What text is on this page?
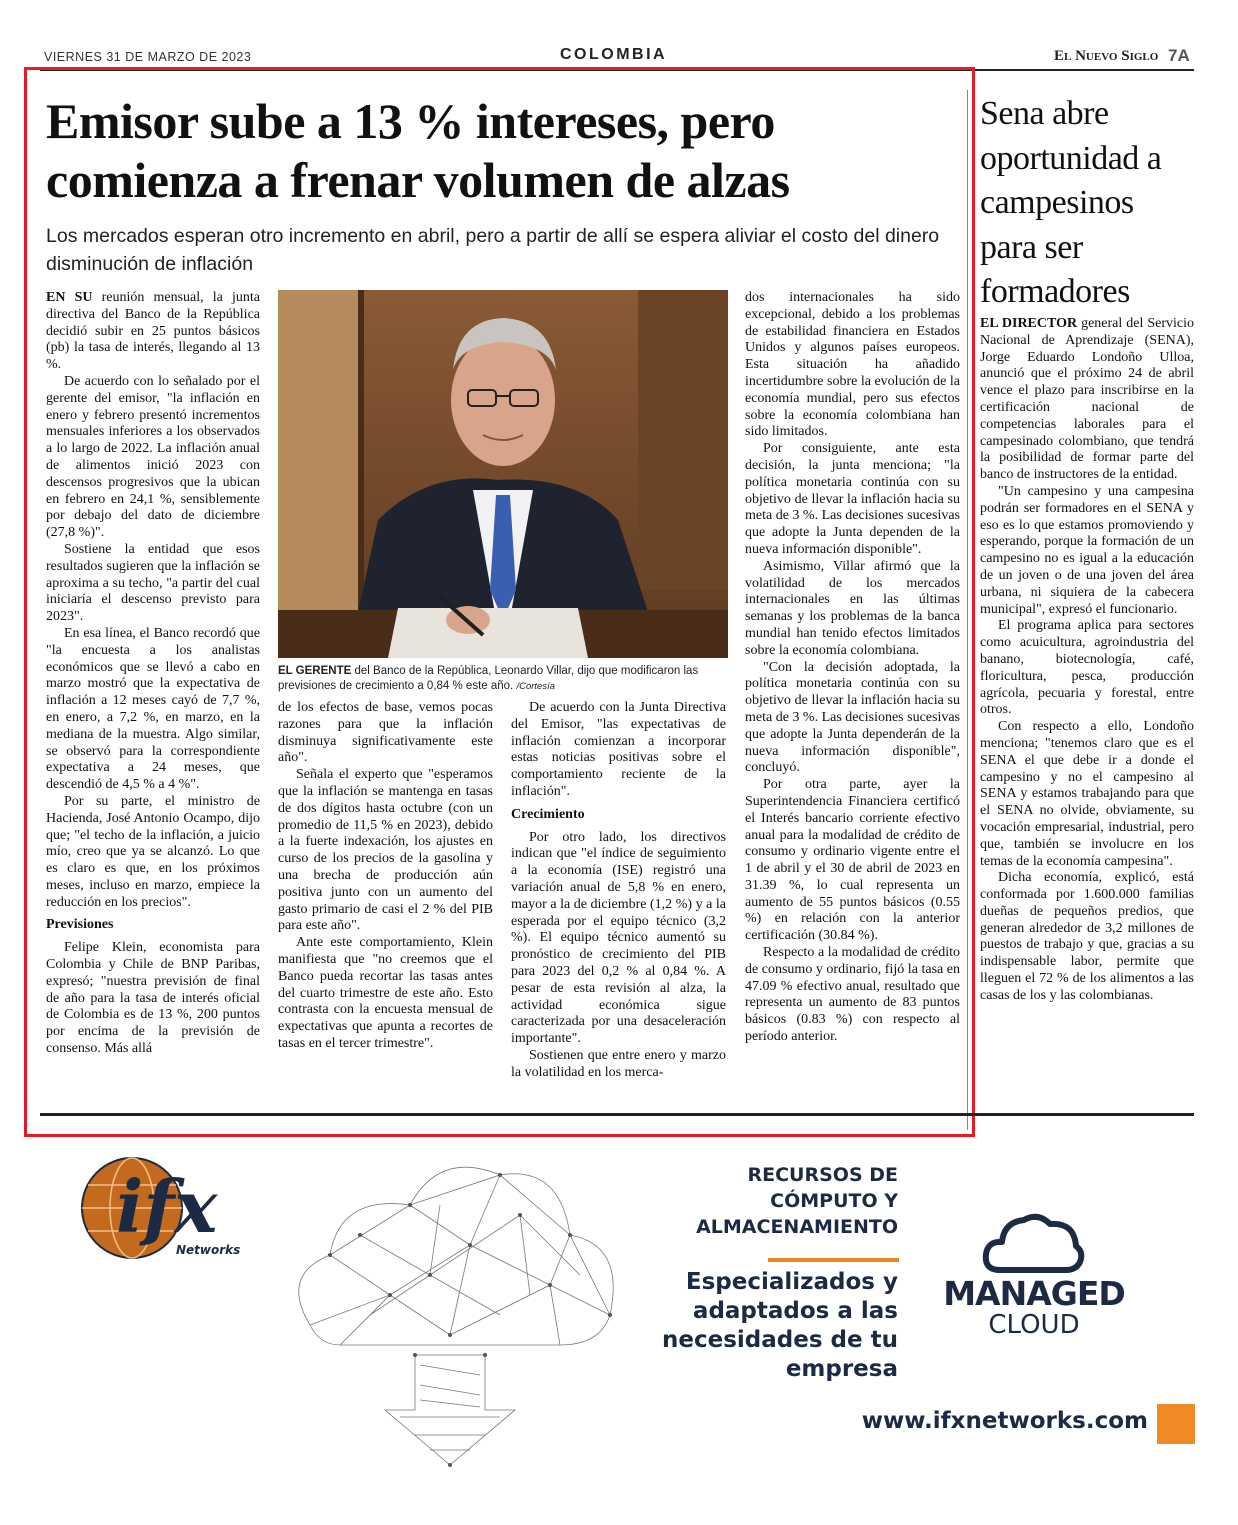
VIERNES 31 DE MARZO DE 2023	COLOMBIA	El Nuevo Siglo 7A
Emisor sube a 13 % intereses, pero comienza a frenar volumen de alzas
Los mercados esperan otro incremento en abril, pero a partir de allí se espera aliviar el costo del dinero disminución de inflación

EN SU reunión mensual, la junta directiva del Banco de la República decidió subir en 25 puntos básicos (pb) la tasa de interés, llegando al 13 %.

De acuerdo con lo señalado por el gerente del emisor, "la inflación en enero y febrero presentó incrementos mensuales inferiores a los observados a lo largo de 2022. La inflación anual de alimentos inició 2023 con descensos progresivos que la ubican en febrero en 24,1 %, sensiblemente por debajo del dato de diciembre (27,8 %)".

Sostiene la entidad que esos resultados sugieren que la inflación se aproxima a su techo, "a partir del cual iniciaría el descenso previsto para 2023".

En esa línea, el Banco recordó que "la encuesta a los analistas económicos que se llevó a cabo en marzo mostró que la expectativa de inflación a 12 meses cayó de 7,7 %, en enero, a 7,2 %, en marzo, en la mediana de la muestra. Algo similar, se observó para la correspondiente expectativa a 24 meses, que descendió de 4,5 % a 4 %".

Por su parte, el ministro de Hacienda, José Antonio Ocampo, dijo que; "el techo de la inflación, a juicio mío, creo que ya se alcanzó. Lo que es claro es que, en los próximos meses, incluso en marzo, empiece la reducción en los precios".

Previsiones

Felipe Klein, economista para Colombia y Chile de BNP Paribas, expresó; "nuestra previsión de final de año para la tasa de interés oficial de Colombia es de 13 %, 200 puntos por encima de la previsión de consenso. Más allá

EL GERENTE del Banco de la República, Leonardo Villar, dijo que modificaron las previsiones de crecimiento a 0,84 % este año. /Cortesía

de los efectos de base, vemos pocas razones para que la inflación disminuya significativamente este año".

Señala el experto que "esperamos que la inflación se mantenga en tasas de dos dígitos hasta octubre (con un promedio de 11,5 % en 2023), debido a la fuerte indexación, los ajustes en curso de los precios de la gasolina y una brecha de producción aún positiva junto con un aumento del gasto primario de casi el 2 % del PIB para este año".

Ante este comportamiento, Klein manifiesta que "no creemos que el Banco pueda recortar las tasas antes del cuarto trimestre de este año. Esto contrasta con la encuesta mensual de expectativas que apunta a recortes de tasas en el tercer trimestre".

De acuerdo con la Junta Directiva del Emisor, "las expectativas de inflación comienzan a incorporar estas noticias positivas sobre el comportamiento reciente de la inflación".

Crecimiento

Por otro lado, los directivos indican que "el índice de seguimiento a la economía (ISE) registró una variación anual de 5,8 % en enero, mayor a la de diciembre (1,2 %) y a la esperada por el equipo técnico (3,2 %). El equipo técnico aumentó su pronóstico de crecimiento del PIB para 2023 del 0,2 % al 0,84 %. A pesar de esta revisión al alza, la actividad económica sigue caracterizada por una desaceleración importante".

Sostienen que entre enero y marzo la volatilidad en los merca-

dos internacionales ha sido excepcional, debido a los problemas de estabilidad financiera en Estados Unidos y algunos países europeos. Esta situación ha añadido incertidumbre sobre la evolución de la economía mundial, pero sus efectos sobre la economía colombiana han sido limitados.

Por consiguiente, ante esta decisión, la junta menciona; "la política monetaria continúa con su objetivo de llevar la inflación hacia su meta de 3 %. Las decisiones sucesivas que adopte la Junta dependen de la nueva información disponible".

Asimismo, Villar afirmó que la volatilidad de los mercados internacionales en las últimas semanas y los problemas de la banca mundial han tenido efectos limitados sobre la economía colombiana.

"Con la decisión adoptada, la política monetaria continúa con su objetivo de llevar la inflación hacia su meta de 3 %. Las decisiones sucesivas que adopte la Junta dependerán de la nueva información disponible", concluyó.

Por otra parte, ayer la Superintendencia Financiera certificó el Interés bancario corriente efectivo anual para la modalidad de crédito de consumo y ordinario vigente entre el 1 de abril y el 30 de abril de 2023 en 31.39 %, lo cual representa un aumento de 55 puntos básicos (0.55 %) en relación con la anterior certificación (30.84 %).

Respecto a la modalidad de crédito de consumo y ordinario, fijó la tasa en 47.09 % efectivo anual, resultado que representa un aumento de 83 puntos básicos (0.83 %) con respecto al período anterior.

Sena abre oportunidad a campesinos para ser formadores

EL DIRECTOR general del Servicio Nacional de Aprendizaje (SENA), Jorge Eduardo Londoño Ulloa, anunció que el próximo 24 de abril vence el plazo para inscribirse en la certificación nacional de competencias laborales para el campesinado colombiano, que tendrá la posibilidad de formar parte del banco de instructores de la entidad.

"Un campesino y una campesina podrán ser formadores en el SENA y eso es lo que estamos promoviendo y esperando, porque la formación de un campesino no es igual a la educación de un joven o de una joven del área urbana, ni siquiera de la cabecera municipal", expresó el funcionario.

El programa aplica para sectores como acuicultura, agroindustria del banano, biotecnología, café, floricultura, pesca, producción agrícola, pecuaria y forestal, entre otros.

Con respecto a ello, Londoño menciona; "tenemos claro que es el SENA el que debe ir a donde el campesino y no el campesino al SENA y estamos trabajando para que el SENA no olvide, obviamente, su vocación empresarial, industrial, pero que, también se involucre en los temas de la economía campesina".

Dicha economía, explicó, está conformada por 1.600.000 familias dueñas de pequeños predios, que generan alrededor de 3,2 millones de puestos de trabajo y que, gracias a su indispensable labor, permite que lleguen el 72 % de los alimentos a las casas de los y las colombianas.

ifx
Networks
RECURSOS DE CÓMPUTO Y ALMACENAMIENTO
Especializados y adaptados a las necesidades de tu empresa
MANAGED
CLOUD
www.ifxnetworks.com
